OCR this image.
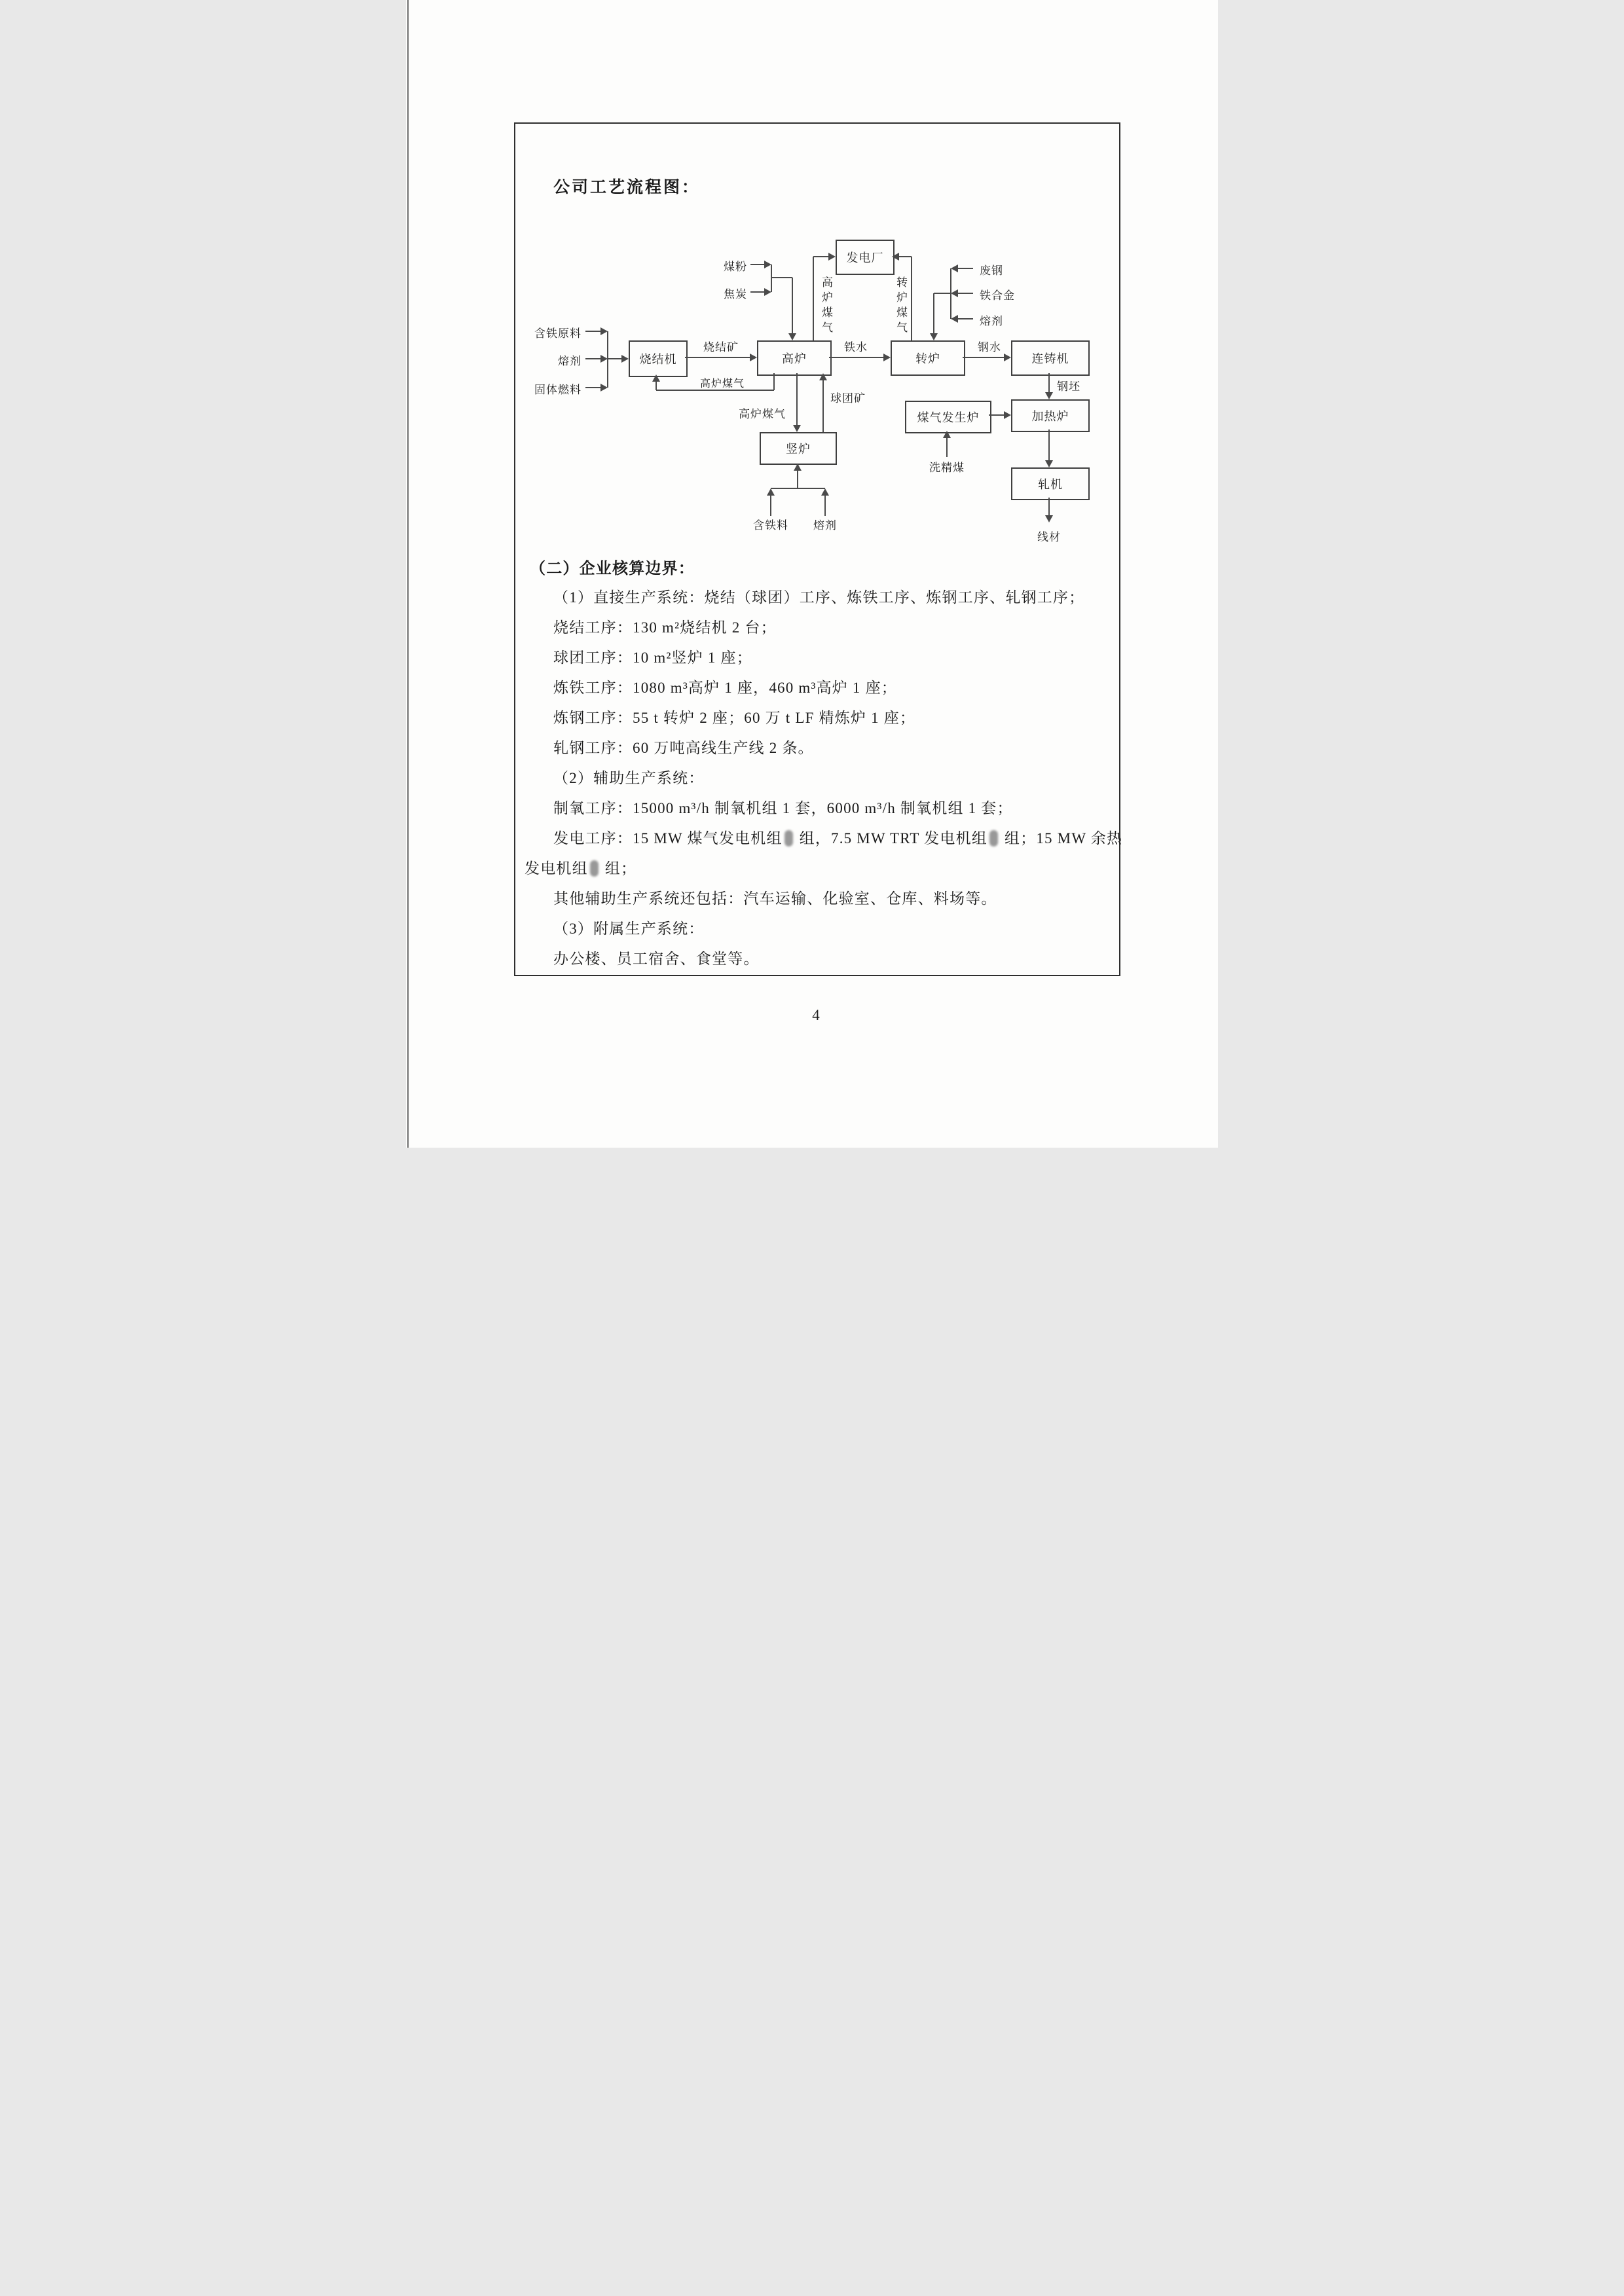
公司工艺流程图：
发电厂
烧结机	高炉	转炉	连铸机
煤气发生炉	加热炉
轧机
竖炉
含铁原料
熔剂
固体燃料
烧结矿
煤粉
焦炭	高炉煤气	转炉煤气
铁水	钢水
废钢
铁合金
熔剂
钢坯
洗精煤
线材
高炉煤气
高炉煤气
球团矿
含铁料	熔剂
（二）企业核算边界：
（1）直接生产系统：烧结（球团）工序、炼铁工序、炼钢工序、轧钢工序；
烧结工序：130 m²烧结机 2 台；
球团工序：10 m²竖炉 1 座；
炼铁工序：1080 m³高炉 1 座，460 m³高炉 1 座；
炼钢工序：55 t 转炉 2 座；60 万 t LF 精炼炉 1 座；
轧钢工序：60 万吨高线生产线 2 条。
（2）辅助生产系统：
制氧工序：15000 m³/h 制氧机组 1 套，6000 m³/h 制氧机组 1 套；
发电工序：15 MW 煤气发电机组 组，7.5 MW TRT 发电机组 组；15 MW 余热
发电机组 组；
其他辅助生产系统还包括：汽车运输、化验室、仓库、料场等。
（3）附属生产系统：
办公楼、员工宿舍、食堂等。
4
